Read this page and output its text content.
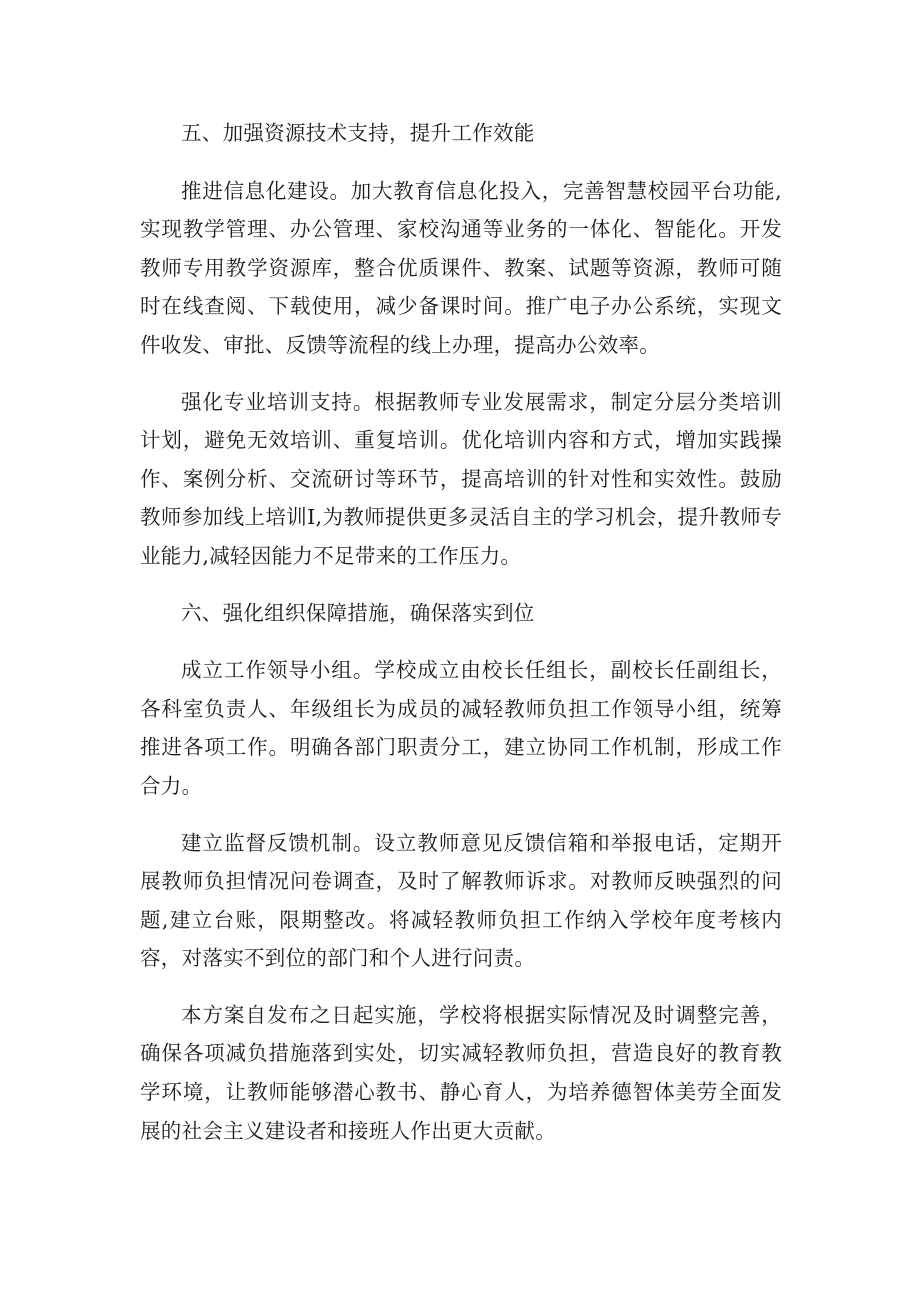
五、加强资源技术支持，提升工作效能

推进信息化建设。加大教育信息化投入，完善智慧校园平台功能,实现教学管理、办公管理、家校沟通等业务的一体化、智能化。开发教师专用教学资源库，整合优质课件、教案、试题等资源，教师可随时在线查阅、下载使用，减少备课时间。推广电子办公系统，实现文件收发、审批、反馈等流程的线上办理，提高办公效率。

强化专业培训支持。根据教师专业发展需求，制定分层分类培训计划，避免无效培训、重复培训。优化培训内容和方式，增加实践操作、案例分析、交流研讨等环节，提高培训的针对性和实效性。鼓励教师参加线上培训I,为教师提供更多灵活自主的学习机会，提升教师专业能力,减轻因能力不足带来的工作压力。

六、强化组织保障措施，确保落实到位

成立工作领导小组。学校成立由校长任组长，副校长任副组长，各科室负责人、年级组长为成员的减轻教师负担工作领导小组，统筹推进各项工作。明确各部门职责分工，建立协同工作机制，形成工作合力。

建立监督反馈机制。设立教师意见反馈信箱和举报电话，定期开展教师负担情况问卷调查，及时了解教师诉求。对教师反映强烈的问题,建立台账，限期整改。将减轻教师负担工作纳入学校年度考核内容，对落实不到位的部门和个人进行问责。

本方案自发布之日起实施，学校将根据实际情况及时调整完善，确保各项减负措施落到实处，切实减轻教师负担，营造良好的教育教学环境，让教师能够潜心教书、静心育人，为培养德智体美劳全面发展的社会主义建设者和接班人作出更大贡献。
